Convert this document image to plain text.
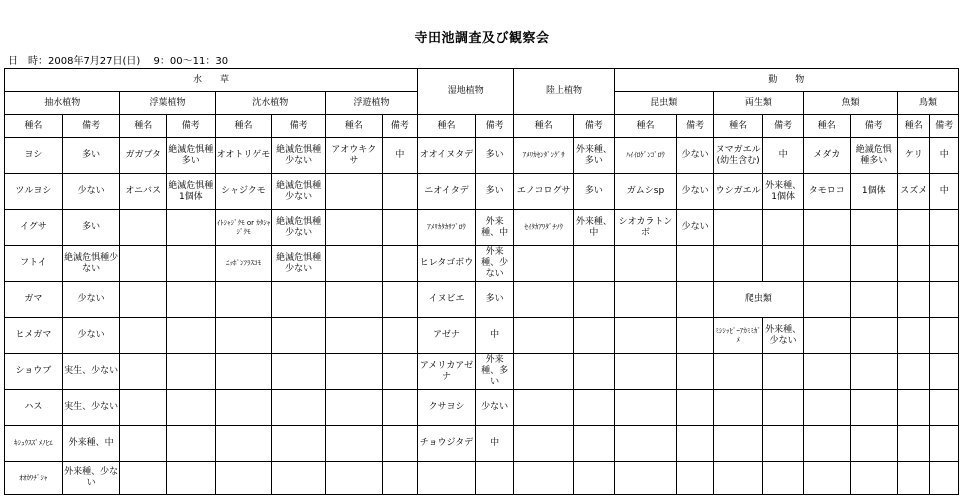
寺田池調査及び観察会
日　時：2008年7月27日(日)　 9：00～11：30
水　　草								湿地植物		陸上植物		動　　物							
抽水植物		浮葉植物		沈水植物		浮遊植物						昆虫類		両生類		魚類		鳥類	
種名	備考	種名	備考	種名	備考	種名	備考	種名	備考	種名	備考	種名	備考	種名	備考	種名	備考	種名	備考
ヨシ	多い	ガガブタ	絶滅危惧種多い	オオトリゲモ	絶滅危惧種少ない	アオウキクサ	中	オオイヌタデ	多い	ｱﾒﾘｶｾﾝﾀﾞﾝｸﾞｻ	外来種、多い	ﾊｲｲﾛｹﾞﾝｺﾞﾛｳ	少ない	ヌマガエル(幼生含む)	中	メダカ	絶滅危惧種多い	ケリ	中
ツルヨシ	少ない	オニバス	絶滅危惧種1個体	シャジクモ	絶滅危惧種少ない			ニオイタデ	多い	エノコログサ	多い	ガムシsp	少ない	ウシガエル	外来種、1個体	タモロコ	1個体	スズメ	中
イグサ	多い			ｲﾄｼｬｼﾞｸﾓ or ｶﾀｼｬｼﾞｸﾓ	絶滅危惧種少ない			ｱﾒﾘｶﾀｶｻﾌﾞﾛｳ	外来種、中	ｾｲﾀｶｱﾜﾀﾞﾁｿｳ	外来種、中	シオカラトンボ	少ない						
フトイ	絶滅危惧種少ない			ﾆｯﾎﾟﾝﾌﾗｽｺﾓ	絶滅危惧種少ない			ヒレタゴボウ	外来種、少ない										
ガマ	少ない							イヌビエ	多い					爬虫類					
ヒメガマ	少ない							アゼナ	中					ﾐｼｼｯﾋﾟｰｱｶﾐﾐｶﾞﾒ	外来種、少ない				
ショウブ	実生、少ない							アメリカアゼナ	外来種、多い										
ハス	実生、少ない							クサヨシ	少ない										
ｷｼｭｳｽｽﾞﾒﾉﾋｴ	外来種、中							チョウジタデ	中										
ｵｵｶﾜﾁﾞｼｬ	外来種、少ない																		
